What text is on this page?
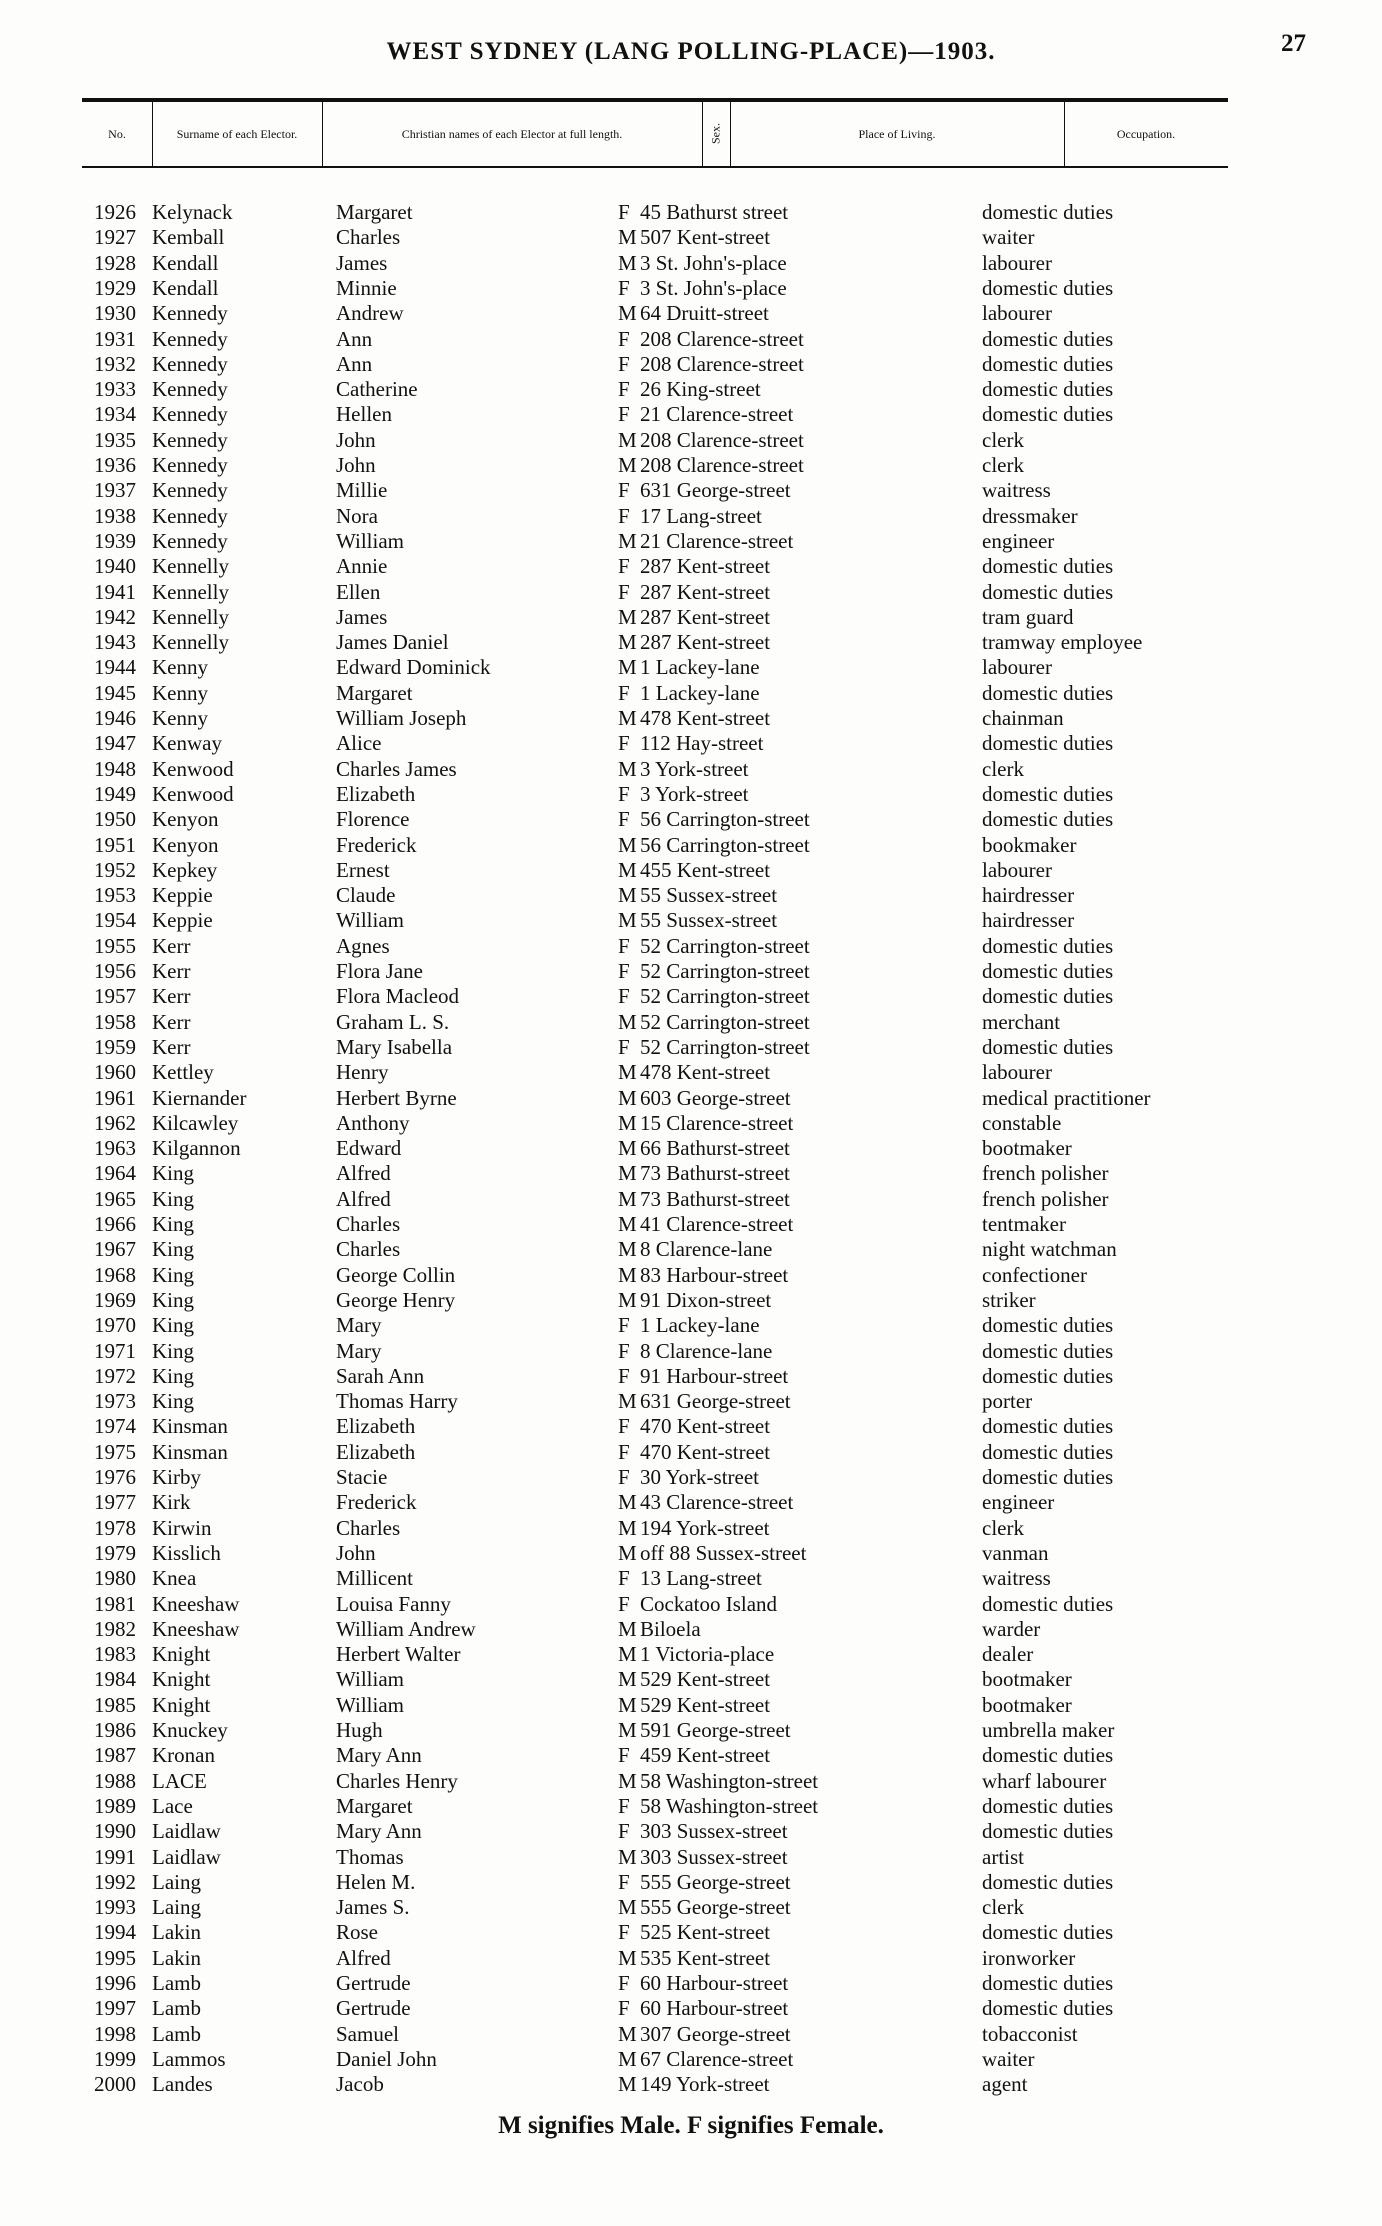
WEST SYDNEY (LANG POLLING-PLACE)—1903.	27
No.	Surname of each Elector.	Christian names of each Elector at full length.	Sex.	Place of Living.	Occupation.
1926 Kelynack	Margaret	F 45 Bathurst street	domestic duties
1927 Kemball	Charles	M 507 Kent-street	waiter
1928 Kendall	James	M 3 St. John's-place	labourer
1929 Kendall	Minnie	F 3 St. John's-place	domestic duties
1930 Kennedy	Andrew	M 64 Druitt-street	labourer
1931 Kennedy	Ann	F 208 Clarence-street	domestic duties
1932 Kennedy	Ann	F 208 Clarence-street	domestic duties
1933 Kennedy	Catherine	F 26 King-street	domestic duties
1934 Kennedy	Hellen	F 21 Clarence-street	domestic duties
1935 Kennedy	John	M 208 Clarence-street	clerk
1936 Kennedy	John	M 208 Clarence-street	clerk
1937 Kennedy	Millie	F 631 George-street	waitress
1938 Kennedy	Nora	F 17 Lang-street	dressmaker
1939 Kennedy	William	M 21 Clarence-street	engineer
1940 Kennelly	Annie	F 287 Kent-street	domestic duties
1941 Kennelly	Ellen	F 287 Kent-street	domestic duties
1942 Kennelly	James	M 287 Kent-street	tram guard
1943 Kennelly	James Daniel	M 287 Kent-street	tramway employee
1944 Kenny	Edward Dominick	M 1 Lackey-lane	labourer
1945 Kenny	Margaret	F 1 Lackey-lane	domestic duties
1946 Kenny	William Joseph	M 478 Kent-street	chainman
1947 Kenway	Alice	F 112 Hay-street	domestic duties
1948 Kenwood	Charles James	M 3 York-street	clerk
1949 Kenwood	Elizabeth	F 3 York-street	domestic duties
1950 Kenyon	Florence	F 56 Carrington-street	domestic duties
1951 Kenyon	Frederick	M 56 Carrington-street	bookmaker
1952 Kepkey	Ernest	M 455 Kent-street	labourer
1953 Keppie	Claude	M 55 Sussex-street	hairdresser
1954 Keppie	William	M 55 Sussex-street	hairdresser
1955 Kerr	Agnes	F 52 Carrington-street	domestic duties
1956 Kerr	Flora Jane	F 52 Carrington-street	domestic duties
1957 Kerr	Flora Macleod	F 52 Carrington-street	domestic duties
1958 Kerr	Graham L. S.	M 52 Carrington-street	merchant
1959 Kerr	Mary Isabella	F 52 Carrington-street	domestic duties
1960 Kettley	Henry	M 478 Kent-street	labourer
1961 Kiernander	Herbert Byrne	M 603 George-street	medical practitioner
1962 Kilcawley	Anthony	M 15 Clarence-street	constable
1963 Kilgannon	Edward	M 66 Bathurst-street	bootmaker
1964 King	Alfred	M 73 Bathurst-street	french polisher
1965 King	Alfred	M 73 Bathurst-street	french polisher
1966 King	Charles	M 41 Clarence-street	tentmaker
1967 King	Charles	M 8 Clarence-lane	night watchman
1968 King	George Collin	M 83 Harbour-street	confectioner
1969 King	George Henry	M 91 Dixon-street	striker
1970 King	Mary	F 1 Lackey-lane	domestic duties
1971 King	Mary	F 8 Clarence-lane	domestic duties
1972 King	Sarah Ann	F 91 Harbour-street	domestic duties
1973 King	Thomas Harry	M 631 George-street	porter
1974 Kinsman	Elizabeth	F 470 Kent-street	domestic duties
1975 Kinsman	Elizabeth	F 470 Kent-street	domestic duties
1976 Kirby	Stacie	F 30 York-street	domestic duties
1977 Kirk	Frederick	M 43 Clarence-street	engineer
1978 Kirwin	Charles	M 194 York-street	clerk
1979 Kisslich	John	M off 88 Sussex-street	vanman
1980 Knea	Millicent	F 13 Lang-street	waitress
1981 Kneeshaw	Louisa Fanny	F Cockatoo Island	domestic duties
1982 Kneeshaw	William Andrew	M Biloela	warder
1983 Knight	Herbert Walter	M 1 Victoria-place	dealer
1984 Knight	William	M 529 Kent-street	bootmaker
1985 Knight	William	M 529 Kent-street	bootmaker
1986 Knuckey	Hugh	M 591 George-street	umbrella maker
1987 Kronan	Mary Ann	F 459 Kent-street	domestic duties
1988 LACE	Charles Henry	M 58 Washington-street	wharf labourer
1989 Lace	Margaret	F 58 Washington-street	domestic duties
1990 Laidlaw	Mary Ann	F 303 Sussex-street	domestic duties
1991 Laidlaw	Thomas	M 303 Sussex-street	artist
1992 Laing	Helen M.	F 555 George-street	domestic duties
1993 Laing	James S.	M 555 George-street	clerk
1994 Lakin	Rose	F 525 Kent-street	domestic duties
1995 Lakin	Alfred	M 535 Kent-street	ironworker
1996 Lamb	Gertrude	F 60 Harbour-street	domestic duties
1997 Lamb	Gertrude	F 60 Harbour-street	domestic duties
1998 Lamb	Samuel	M 307 George-street	tobacconist
1999 Lammos	Daniel John	M 67 Clarence-street	waiter
2000 Landes	Jacob	M 149 York-street	agent
M signifies Male. F signifies Female.
